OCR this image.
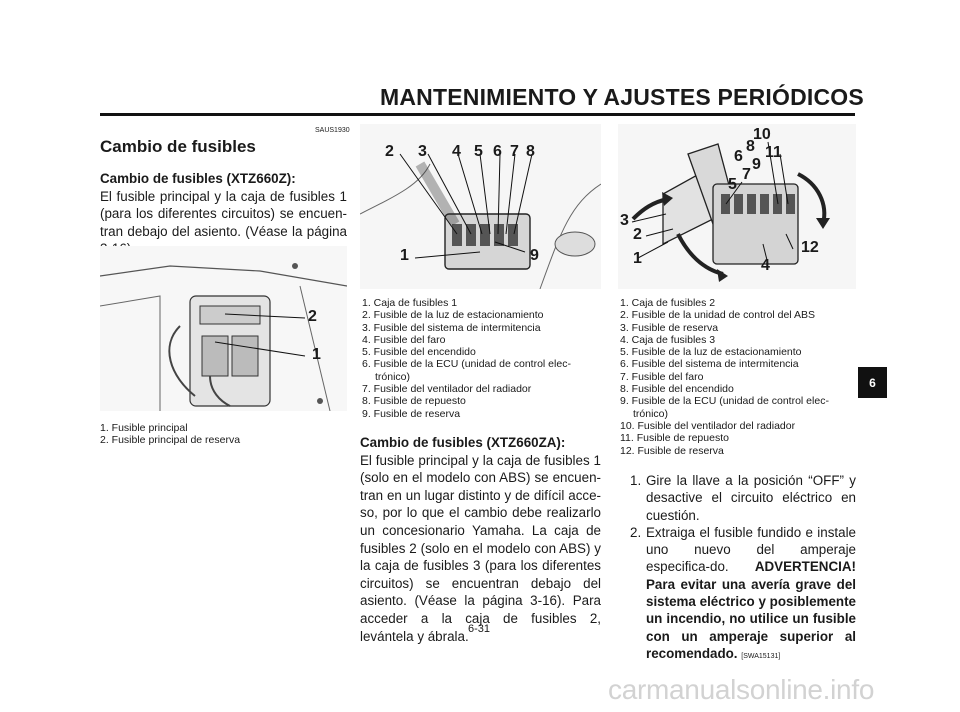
MANTENIMIENTO Y AJUSTES PERIÓDICOS
SAUS1930
Cambio de fusibles
Cambio de fusibles (XTZ660Z):
El fusible principal y la caja de fusibles 1 (para los diferentes circuitos) se encuen-tran debajo del asiento. (Véase la página
2
1
1. Fusible principal
2. Fusible principal de reserva
2 3 4 5 6 7 8
1	9
1. Caja de fusibles 1
2. Fusible de la luz de estacionamiento
3. Fusible del sistema de intermitencia
4. Fusible del faro
5. Fusible del encendido
6. Fusible de la ECU (unidad de control elec-
trónico)
7. Fusible del ventilador del radiador
8. Fusible de repuesto
9. Fusible de reserva
Cambio de fusibles (XTZ660ZA):
El fusible principal y la caja de fusibles 1 (solo en el modelo con ABS) se encuen-tran en un lugar distinto y de difícil acce-so, por lo que el cambio debe realizarlo un concesionario Yamaha. La caja de fusibles 2 (solo en el modelo con ABS) y la caja de fusibles 3 (para los diferentes circuitos) se encuentran debajo del asiento. (Véase la página 3-16). Para acceder a la caja de fusibles 2, levántela y ábrala.
10
8
6 11
9
7
5
3
2
1
12
4
1. Caja de fusibles 2
2. Fusible de la unidad de control del ABS
3. Fusible de reserva
4. Caja de fusibles 3
5. Fusible de la luz de estacionamiento
6. Fusible del sistema de intermitencia
7. Fusible del faro
8. Fusible del encendido
9. Fusible de la ECU (unidad de control elec-
trónico)
10. Fusible del ventilador del radiador
11. Fusible de repuesto
12. Fusible de reserva
1. Gire la llave a la posición “OFF” y desactive el circuito eléctrico en cuestión.
2. Extraiga el fusible fundido e instale uno nuevo del amperaje especifica-do. ADVERTENCIA! Para evitar una avería grave del sistema eléctrico y posiblemente un incendio, no utilice un fusible con un amperaje superior al recomendado. [SWA15131]
6-31
6
carmanualsonline.info
